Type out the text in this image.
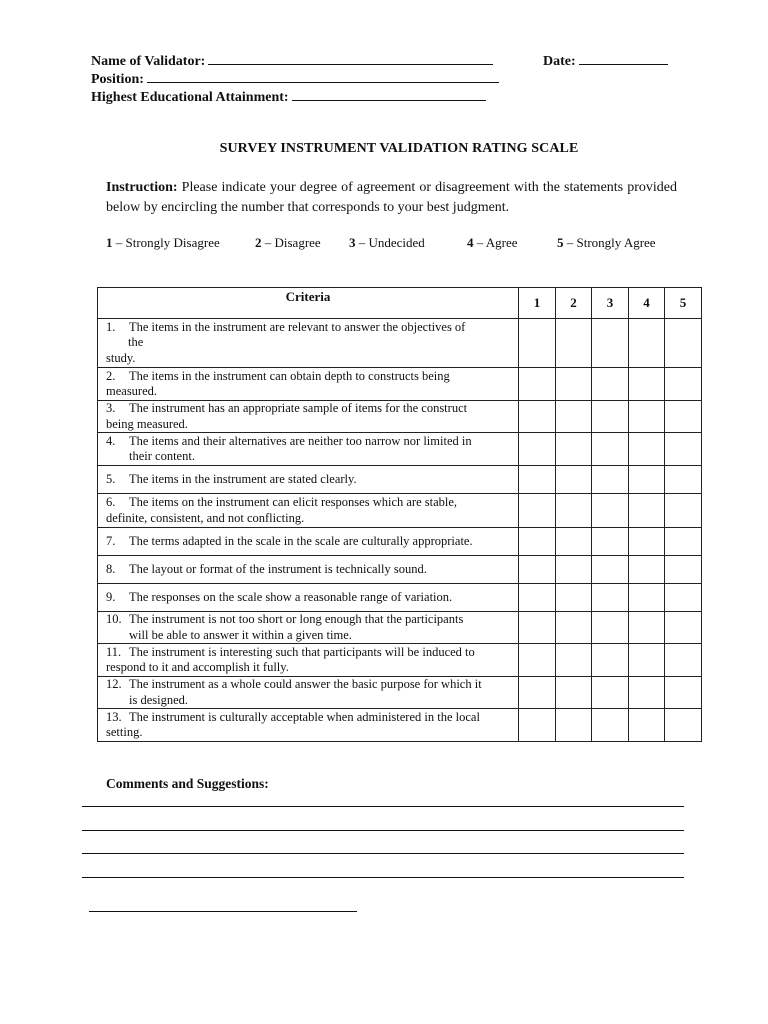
Name of Validator:	Date:
Position:
Highest Educational Attainment:
SURVEY INSTRUMENT VALIDATION RATING SCALE
Instruction: Please indicate your degree of agreement or disagreement with the statements provided below by encircling the number that corresponds to your best judgment.
1 – Strongly Disagree	2 – Disagree 3 – Undecided	4 – Agree	5 – Strongly Agree
Criteria	1	2	3	4	5

1. The items in the instrument are relevant to answer the objectives of
the
study.					

2. The items in the instrument can obtain depth to constructs being
measured.					

3. The instrument has an appropriate sample of items for the construct
being measured.					

4. The items and their alternatives are neither too narrow nor limited in
their content.					

5. The items in the instrument are stated clearly.					

6. The items on the instrument can elicit responses which are stable,
definite, consistent, and not conflicting.					

7. The terms adapted in the scale in the scale are culturally appropriate.					

8. The layout or format of the instrument is technically sound.					

9. The responses on the scale show a reasonable range of variation.					

10. The instrument is not too short or long enough that the participants
will be able to answer it within a given time.					

11. The instrument is interesting such that participants will be induced to
respond to it and accomplish it fully.					

12. The instrument as a whole could answer the basic purpose for which it
is designed.					

13. The instrument is culturally acceptable when administered in the local
setting.					

Comments and Suggestions:
